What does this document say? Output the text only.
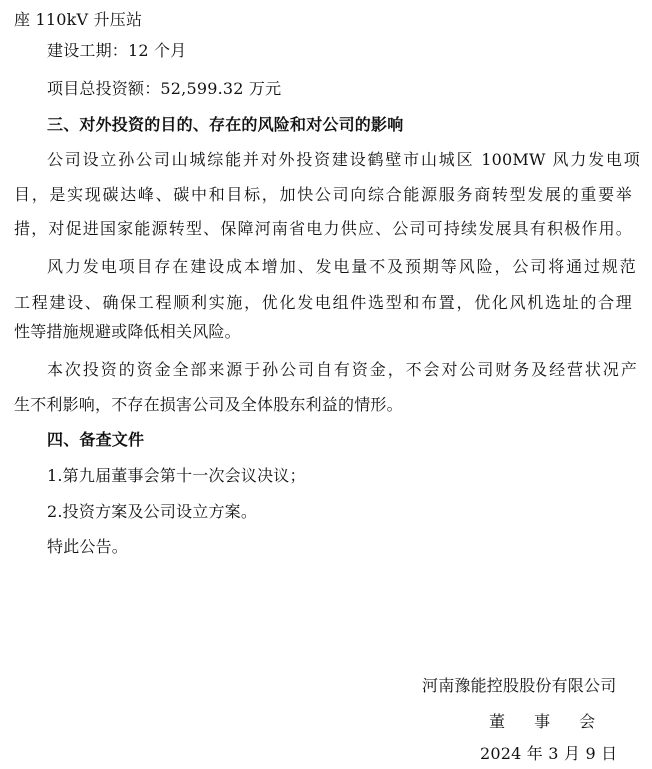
座 110kV 升压站
建设工期：12 个月
项目总投资额：52,599.32 万元
三、对外投资的目的、存在的风险和对公司的影响
公司设立孙公司山城综能并对外投资建设鹤壁市山城区 100MW 风力发电项
目，是实现碳达峰、碳中和目标，加快公司向综合能源服务商转型发展的重要举
措，对促进国家能源转型、保障河南省电力供应、公司可持续发展具有积极作用。
风力发电项目存在建设成本增加、发电量不及预期等风险，公司将通过规范
工程建设、确保工程顺利实施，优化发电组件选型和布置，优化风机选址的合理
性等措施规避或降低相关风险。
本次投资的资金全部来源于孙公司自有资金，不会对公司财务及经营状况产
生不利影响，不存在损害公司及全体股东利益的情形。
四、备查文件
1.第九届董事会第十一次会议决议；
2.投资方案及公司设立方案。
特此公告。
河南豫能控股股份有限公司
董 事 会
2024 年 3 月 9 日
